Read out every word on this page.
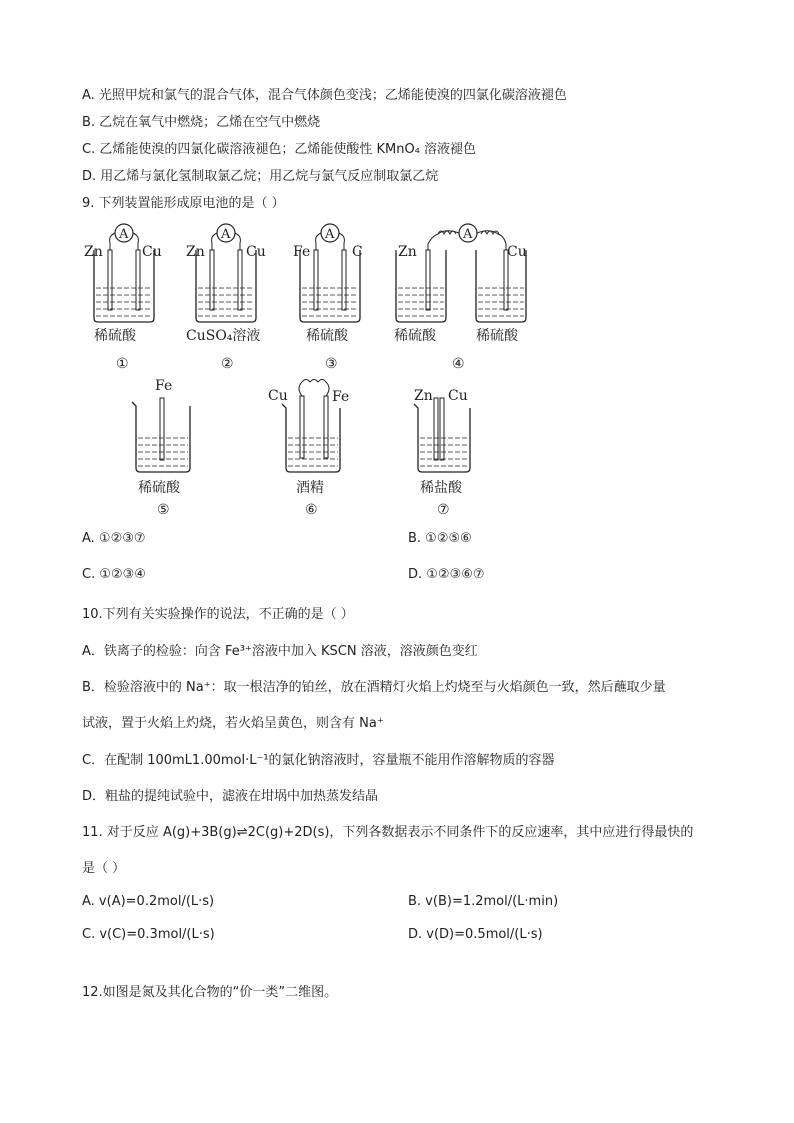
A. 光照甲烷和氯气的混合气体，混合气体颜色变浅；乙烯能使溴的四氯化碳溶液褪色
B. 乙烷在氧气中燃烧；乙烯在空气中燃烧
C. 乙烯能使溴的四氯化碳溶液褪色；乙烯能使酸性 KMnO₄ 溶液褪色
D. 用乙烯与氯化氢制取氯乙烷；用乙烷与氯气反应制取氯乙烷
9. 下列装置能形成原电池的是（ ）
A
Zn	Cu
稀硫酸
①
A
Zn	Cu
CuSO₄溶液
②
A
Fe	C
稀硫酸
③
A
Zn	Cu
稀硫酸	稀硫酸
④
Fe
稀硫酸
⑤
Cu	Fe
酒精
⑥
Zn Cu
稀盐酸
⑦
A. ①②③⑦	B. ①②⑤⑥
C. ①②③④	D. ①②③⑥⑦
10.下列有关实验操作的说法，不正确的是（ ）
A．铁离子的检验：向含 Fe³⁺溶液中加入 KSCN 溶液，溶液颜色变红
B．检验溶液中的 Na⁺：取一根洁净的铂丝，放在酒精灯火焰上灼烧至与火焰颜色一致，然后蘸取少量
试液，置于火焰上灼烧，若火焰呈黄色，则含有 Na⁺
C．在配制 100mL1.00mol·L⁻¹的氯化钠溶液时，容量瓶不能用作溶解物质的容器
D．粗盐的提纯试验中，滤液在坩埚中加热蒸发结晶
11. 对于反应 A(g)+3B(g)⇌2C(g)+2D(s)，下列各数据表示不同条件下的反应速率，其中应进行得最快的
是（ ）
A. v(A)=0.2mol/(L·s)	B. v(B)=1.2mol/(L·min)
C. v(C)=0.3mol/(L·s)	D. v(D)=0.5mol/(L·s)
12.如图是氮及其化合物的“价一类”二维图。
